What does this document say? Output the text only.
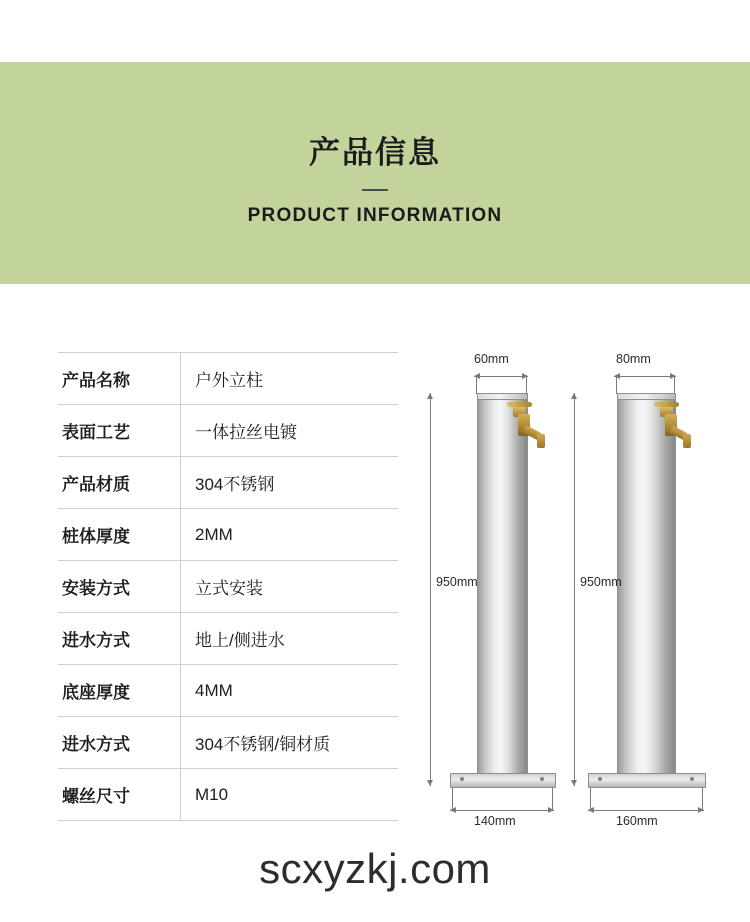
产品信息
PRODUCT INFORMATION
产品名称	户外立柱
表面工艺	一体拉丝电镀
产品材质	304不锈钢
桩体厚度	2MM
安装方式	立式安装
进水方式	地上/侧进水
底座厚度	4MM
进水方式	304不锈钢/铜材质
螺丝尺寸	M10
60mm
950mm
140mm
80mm
950mm
160mm
scxyzkj.com
